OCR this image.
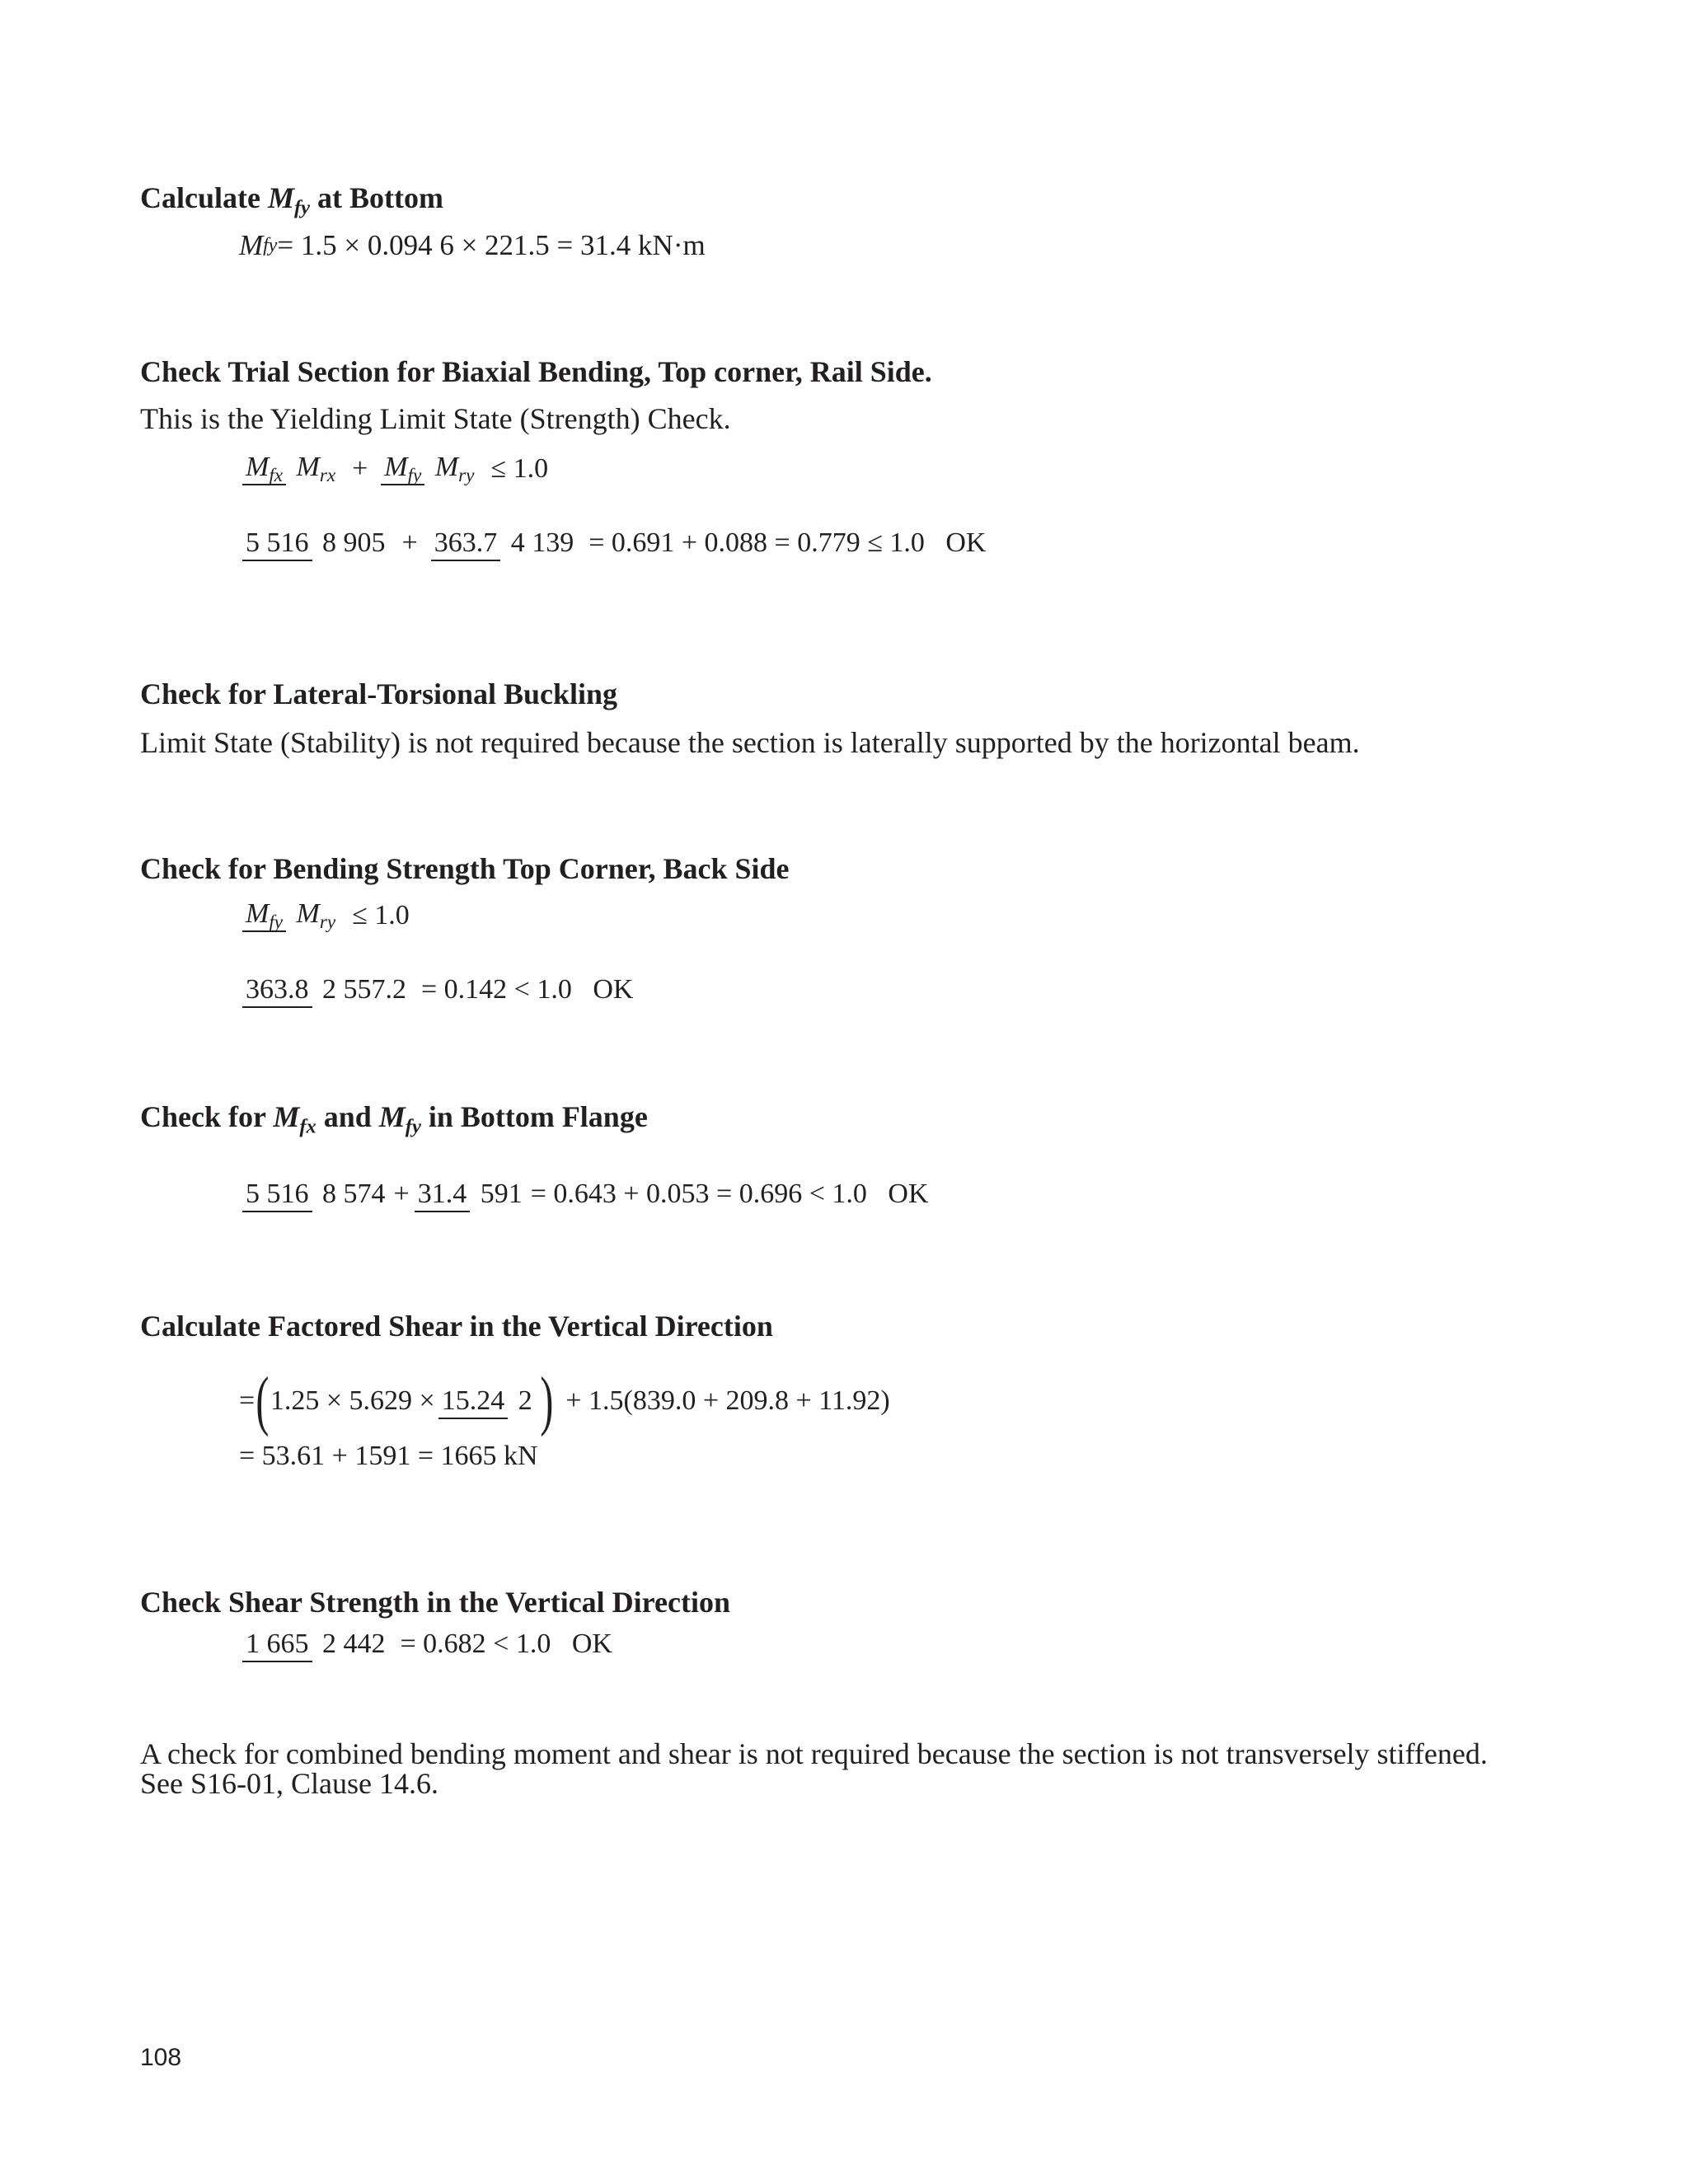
Calculate $M_{fy}$ at Bottom
M fy = 1.5 × 0.094 6 × 221.5 = 31.4 kN·m
Check Trial Section for Biaxial Bending, Top corner, Rail Side.
This is the Yielding Limit State (Strength) Check.
$M_{fx}$ $M_{rx} + M_{fy}$ $M_{ry} \le 1.0$
5 516 8 905 + 363.7 4 139 = 0.691 + 0.088 = 0.779 ≤ 1.0   OK
Check for Lateral-Torsional Buckling
Limit State (Stability) is not required because the section is laterally supported by the horizontal beam.
Check for Bending Strength Top Corner, Back Side
$M_{fy}$ $M_{ry} \le 1.0$
363.8 2 557.2 = 0.142 < 1.0   OK
Check for $M_{fx}$ and $M_{fy}$ in Bottom Flange
5 516 8 574 + 31.4 591 = 0.643 + 0.053 = 0.696 < 1.0   OK
Calculate Factored Shear in the Vertical Direction
= ( 1.25 × 5.629 × 15.24 2 ) + 1.5(839.0 + 209.8 + 11.92)
= 53.61 + 1591 = 1665 kN
Check Shear Strength in the Vertical Direction
1 665 2 442 = 0.682 < 1.0   OK
A check for combined bending moment and shear is not required because the section is not transversely stiffened.
See S16-01, Clause 14.6.
108
